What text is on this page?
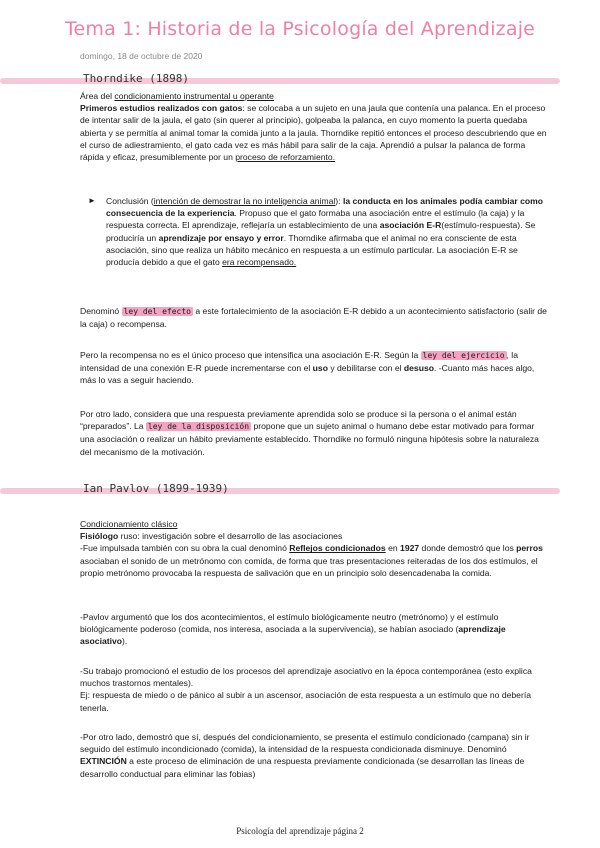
Tema 1: Historia de la Psicología del Aprendizaje
domingo, 18 de octubre de 2020
Thorndike (1898)

Área del condicionamiento instrumental u operante

Primeros estudios realizados con gatos: se colocaba a un sujeto en una jaula que contenía una palanca. En el proceso de intentar salir de la jaula, el gato (sin querer al principio), golpeaba la palanca, en cuyo momento la puerta quedaba abierta y se permitía al animal tomar la comida junto a la jaula. Thorndike repitió entonces el proceso descubriendo que en el curso de adiestramiento, el gato cada vez es más hábil para salir de la caja. Aprendió a pulsar la palanca de forma rápida y eficaz, presumiblemente por un proceso de reforzamiento.

► Conclusión (intención de demostrar la no inteligencia animal): la conducta en los animales podía cambiar como consecuencia de la experiencia. Propuso que el gato formaba una asociación entre el estímulo (la caja) y la respuesta correcta. El aprendizaje, reflejaría un establecimiento de una asociación E-R(estímulo-respuesta). Se produciría un aprendizaje por ensayo y error. Thorndike afirmaba que el animal no era consciente de esta asociación, sino que realiza un hábito mecánico en respuesta a un estímulo particular. La asociación E-R se producía debido a que el gato era recompensado.

Denominó ley del efecto a este fortalecimiento de la asociación E-R debido a un acontecimiento satisfactorio (salir de la caja) o recompensa.

Pero la recompensa no es el único proceso que intensifica una asociación E-R. Según la ley del ejercicio , la intensidad de una conexión E-R puede incrementarse con el uso y debilitarse con el desuso. -Cuanto más haces algo, más lo vas a seguir haciendo.

Por otro lado, considera que una respuesta previamente aprendida solo se produce si la persona o el animal están “preparados”. La ley de la disposición propone que un sujeto animal o humano debe estar motivado para formar una asociación o realizar un hábito previamente establecido. Thorndike no formuló ninguna hipótesis sobre la naturaleza del mecanismo de la motivación.

Ian Pavlov (1899-1939)

Condicionamiento clásico

Fisiólogo ruso: investigación sobre el desarrollo de las asociaciones

-Fue impulsada también con su obra la cual denominó Reflejos condicionados en 1927 donde demostró que los perros asociaban el sonido de un metrónomo con comida, de forma que tras presentaciones reiteradas de los dos estímulos, el propio metrónomo provocaba la respuesta de salivación que en un principio solo desencadenaba la comida.

-Pavlov argumentó que los dos acontecimientos, el estímulo biológicamente neutro (metrónomo) y el estímulo biológicamente poderoso (comida, nos interesa, asociada a la supervivencia), se habían asociado (aprendizaje asociativo).

-Su trabajo promocionó el estudio de los procesos del aprendizaje asociativo en la época contemporánea (esto explica muchos trastornos mentales).

Ej: respuesta de miedo o de pánico al subir a un ascensor, asociación de esta respuesta a un estímulo que no debería tenerla.

-Por otro lado, demostró que sí, después del condicionamiento, se presenta el estímulo condicionado (campana) sin ir seguido del estímulo incondicionado (comida), la intensidad de la respuesta condicionada disminuye. Denominó EXTINCIÓN a este proceso de eliminación de una respuesta previamente condicionada (se desarrollan las líneas de desarrollo conductual para eliminar las fobias)

Psicología del aprendizaje página 2
